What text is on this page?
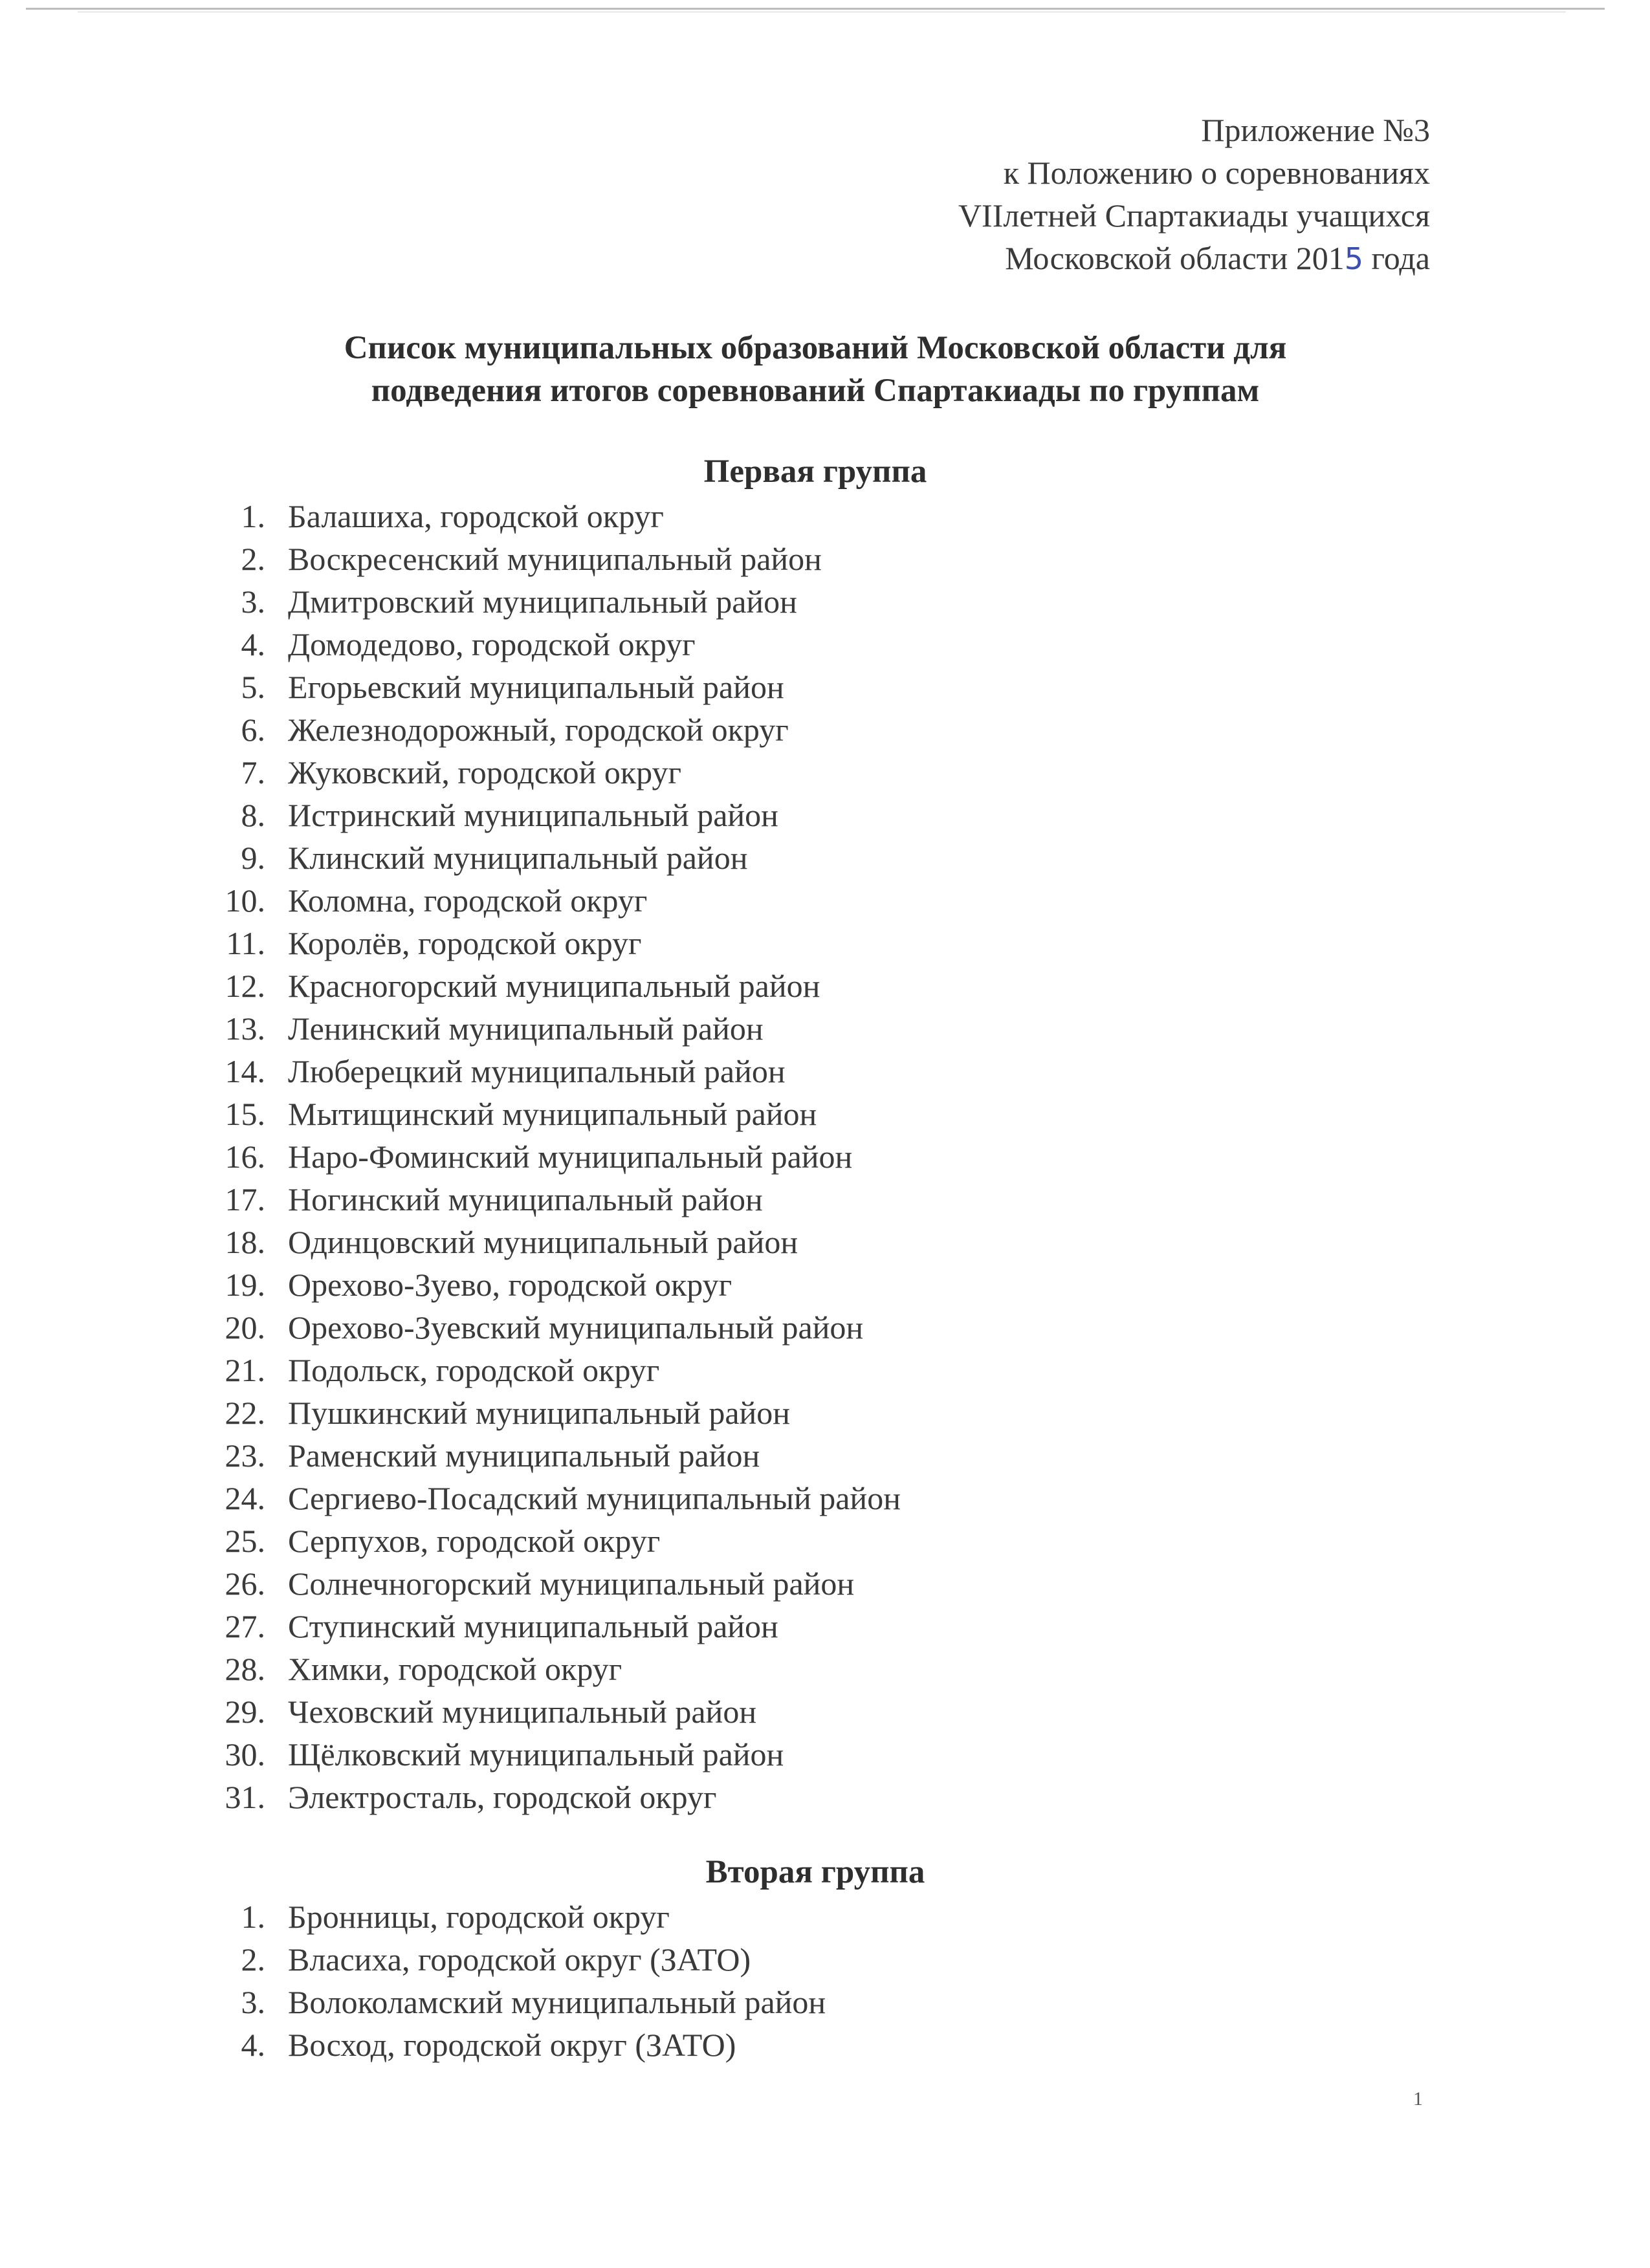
Приложение №3
к Положению о соревнованиях
VIIлетней Спартакиады учащихся
Московской области 2015 года
Список муниципальных образований Московской области для
подведения итогов соревнований Спартакиады по группам
Первая группа
1. Балашиха, городской округ
2. Воскресенский муниципальный район
3. Дмитровский муниципальный район
4. Домодедово, городской округ
5. Егорьевский муниципальный район
6. Железнодорожный, городской округ
7. Жуковский, городской округ
8. Истринский муниципальный район
9. Клинский муниципальный район
10. Коломна, городской округ
11. Королёв, городской округ
12. Красногорский муниципальный район
13. Ленинский муниципальный район
14. Люберецкий муниципальный район
15. Мытищинский муниципальный район
16. Наро-Фоминский муниципальный район
17. Ногинский муниципальный район
18. Одинцовский муниципальный район
19. Орехово-Зуево, городской округ
20. Орехово-Зуевский муниципальный район
21. Подольск, городской округ
22. Пушкинский муниципальный район
23. Раменский муниципальный район
24. Сергиево-Посадский муниципальный район
25. Серпухов, городской округ
26. Солнечногорский муниципальный район
27. Ступинский муниципальный район
28. Химки, городской округ
29. Чеховский муниципальный район
30. Щёлковский муниципальный район
31. Электросталь, городской округ
Вторая группа
1. Бронницы, городской округ
2. Власиха, городской округ (ЗАТО)
3. Волоколамский муниципальный район
4. Восход, городской округ (ЗАТО)
1
